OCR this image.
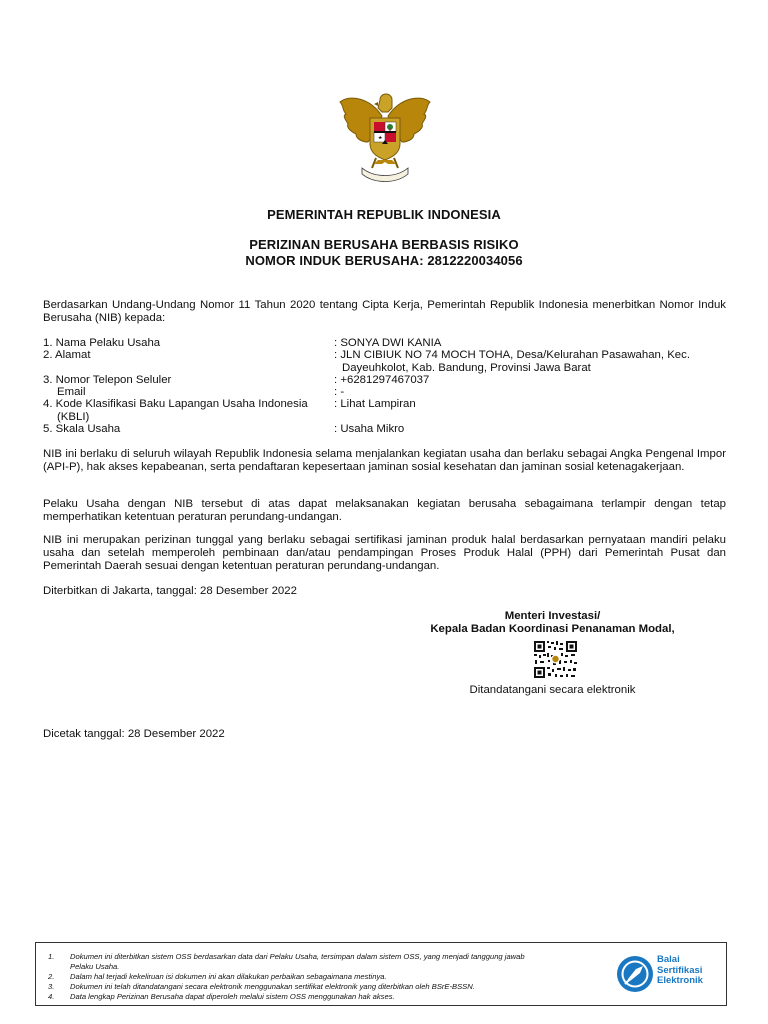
PEMERINTAH REPUBLIK INDONESIA
PERIZINAN BERUSAHA BERBASIS RISIKO
NOMOR INDUK BERUSAHA: 2812220034056
Berdasarkan Undang-Undang Nomor 11 Tahun 2020 tentang Cipta Kerja, Pemerintah Republik Indonesia menerbitkan Nomor Induk Berusaha (NIB) kepada:
1. Nama Pelaku Usaha	: SONYA DWI KANIA
2. Alamat	: JLN CIBIUK NO 74 MOCH TOHA, Desa/Kelurahan Pasawahan, Kec.
Dayeuhkolot, Kab. Bandung, Provinsi Jawa Barat
3. Nomor Telepon Seluler	: +6281297467037
Email	: -
4. Kode Klasifikasi Baku Lapangan Usaha Indonesia
(KBLI)
: Lihat Lampiran
5. Skala Usaha	: Usaha Mikro
NIB ini berlaku di seluruh wilayah Republik Indonesia selama menjalankan kegiatan usaha dan berlaku sebagai Angka Pengenal Impor (API-P), hak akses kepabeanan, serta pendaftaran kepesertaan jaminan sosial kesehatan dan jaminan sosial ketenagakerjaan.
Pelaku Usaha dengan NIB tersebut di atas dapat melaksanakan kegiatan berusaha sebagaimana terlampir dengan tetap memperhatikan ketentuan peraturan perundang-undangan.
NIB ini merupakan perizinan tunggal yang berlaku sebagai sertifikasi jaminan produk halal berdasarkan pernyataan mandiri pelaku usaha dan setelah memperoleh pembinaan dan/atau pendampingan Proses Produk Halal (PPH) dari Pemerintah Pusat dan Pemerintah Daerah sesuai dengan ketentuan peraturan perundang-undangan.
Diterbitkan di Jakarta, tanggal: 28 Desember 2022
Menteri Investasi/
Kepala Badan Koordinasi Penanaman Modal,
Ditandatangani secara elektronik
Dicetak tanggal: 28 Desember 2022
1.	Dokumen ini diterbitkan sistem OSS berdasarkan data dari Pelaku Usaha, tersimpan dalam sistem OSS, yang menjadi tanggung jawab
Pelaku Usaha.
2.	Dalam hal terjadi kekeliruan isi dokumen ini akan dilakukan perbaikan sebagaimana mestinya.
3.	Dokumen ini telah ditandatangani secara elektronik menggunakan sertifikat elektronik yang diterbitkan oleh BSrE-BSSN.
4.	Data lengkap Perizinan Berusaha dapat diperoleh melalui sistem OSS menggunakan hak akses.
Balai
Sertifikasi
Elektronik
